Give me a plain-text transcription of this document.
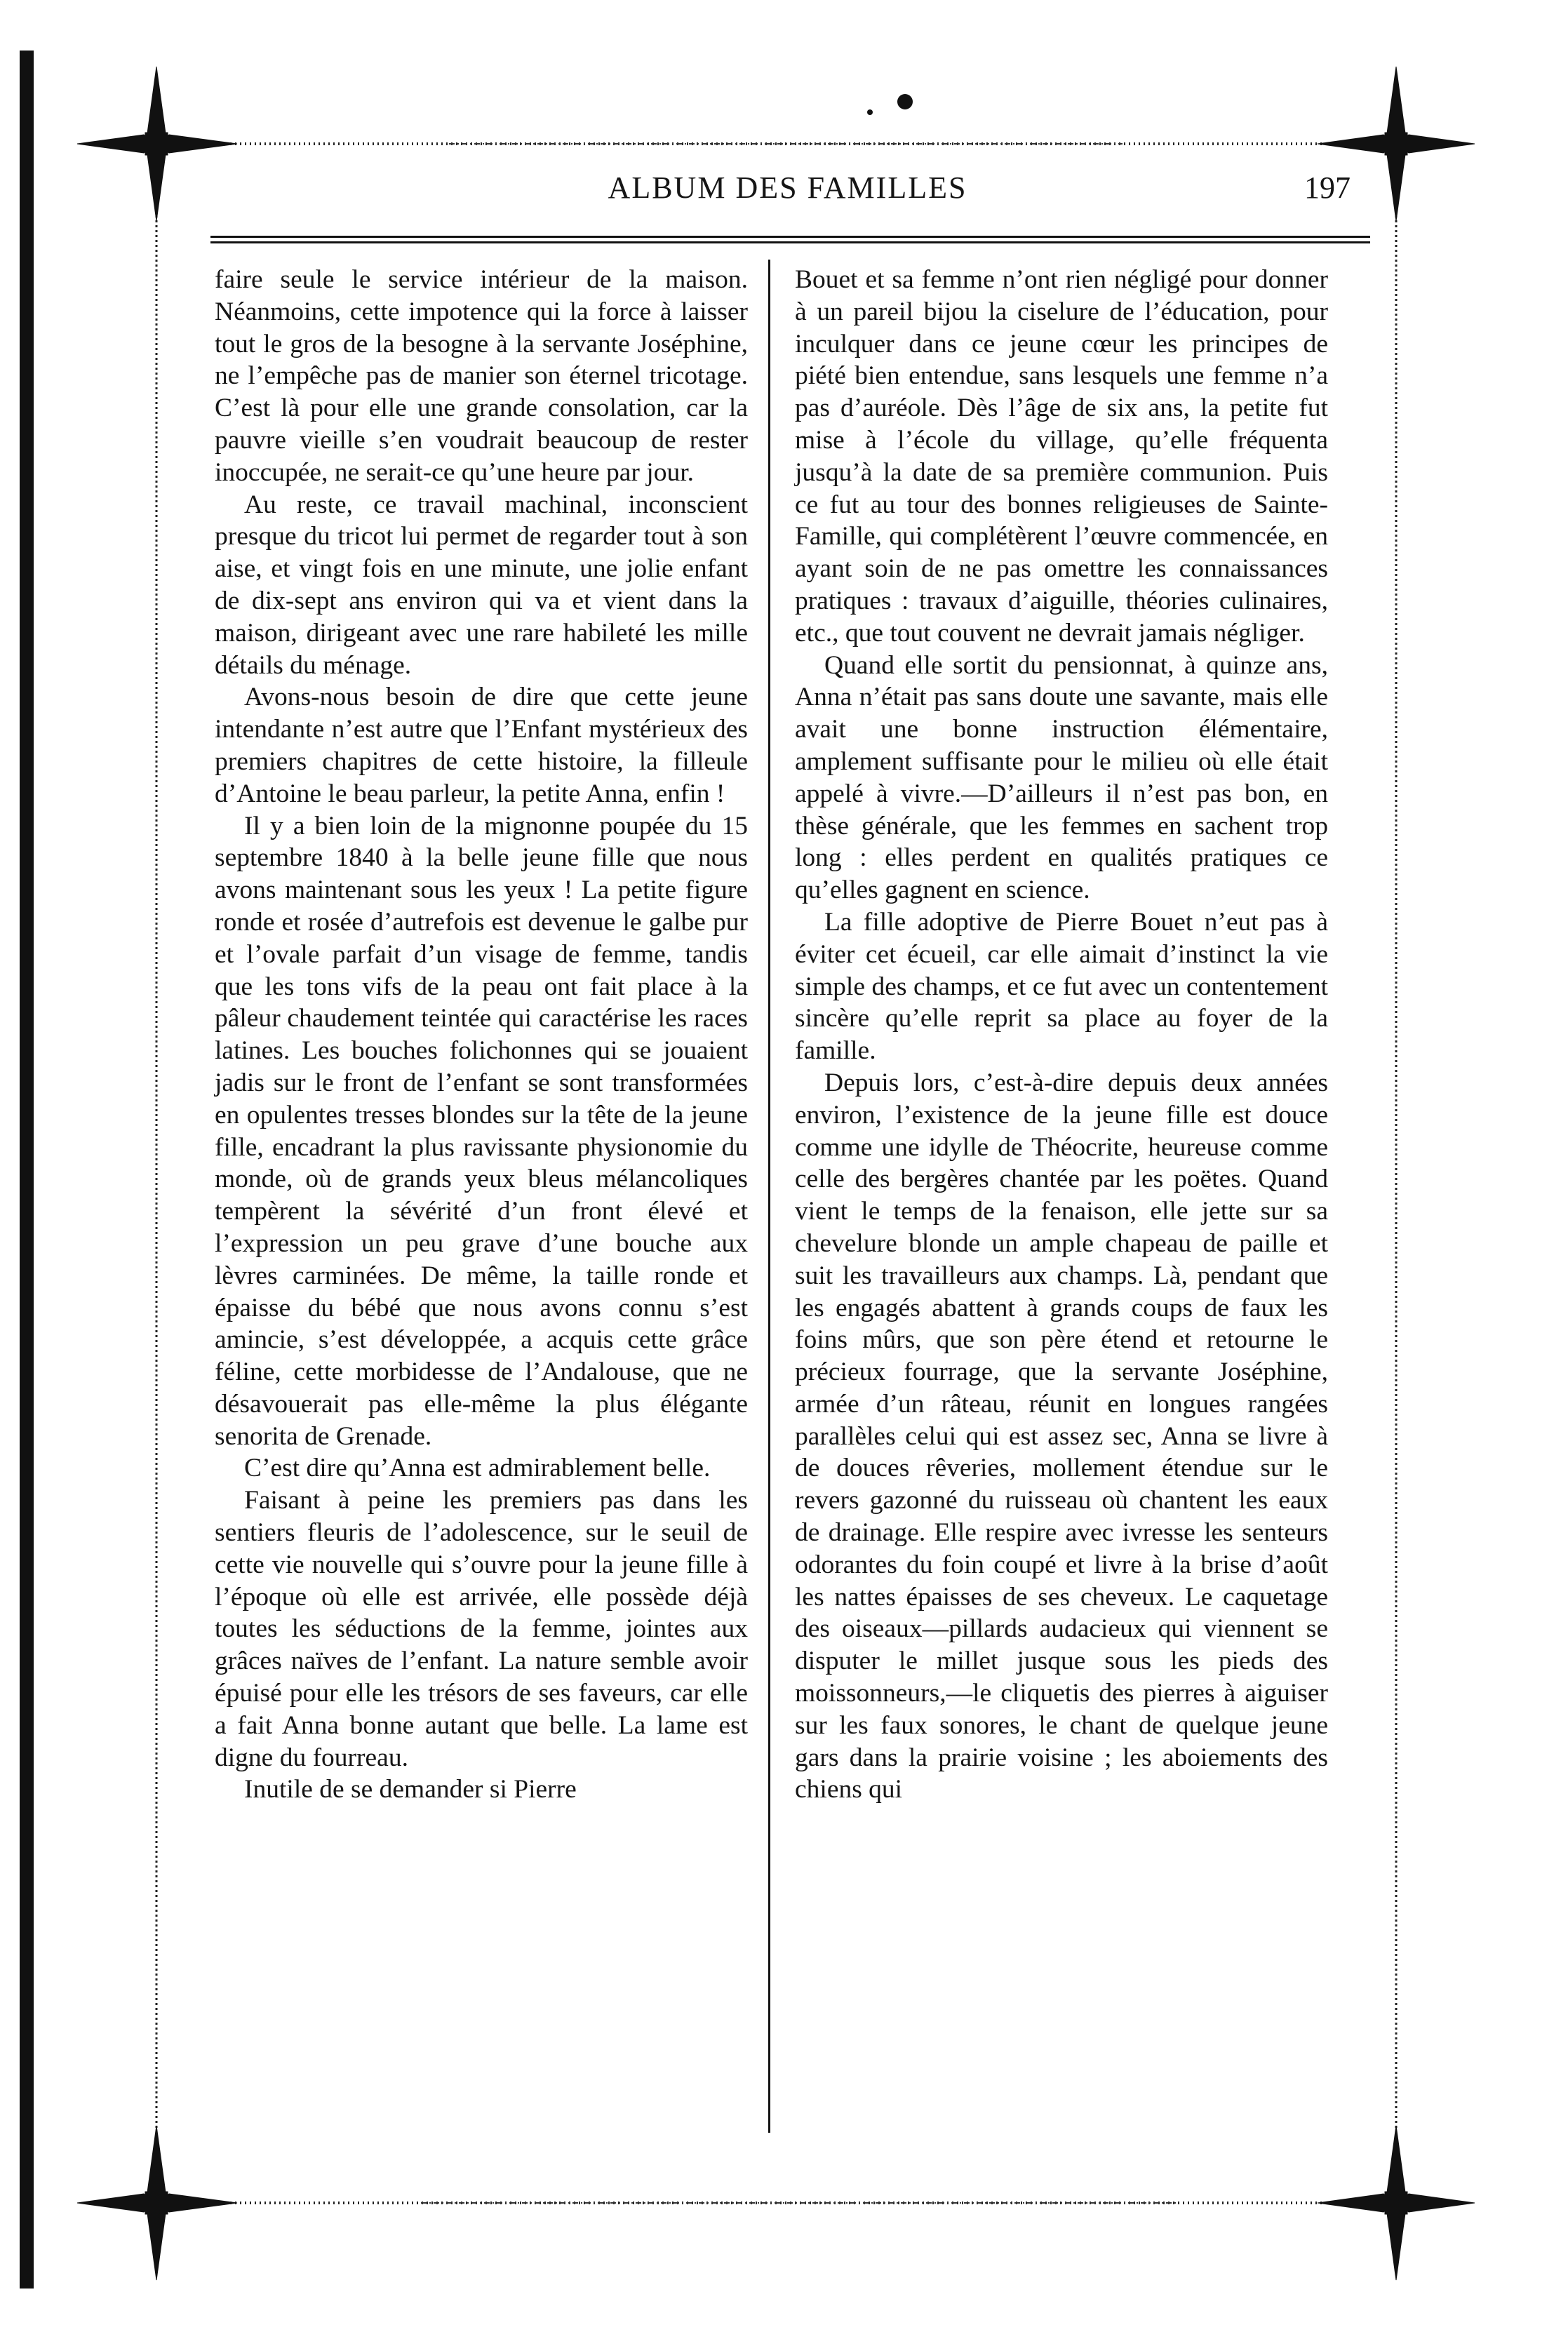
ALBUM DES FAMILLES	197

faire seule le service intérieur de la maison. Néanmoins, cette impotence qui la force à laisser tout le gros de la besogne à la servante Joséphine, ne l’empêche pas de manier son éternel tricotage. C’est là pour elle une grande consolation, car la pauvre vieille s’en voudrait beaucoup de rester inoccupée, ne serait-ce qu’une heure par jour.

Au reste, ce travail machinal, inconscient presque du tricot lui permet de regarder tout à son aise, et vingt fois en une minute, une jolie enfant de dix-sept ans environ qui va et vient dans la maison, dirigeant avec une rare habileté les mille détails du ménage.

Avons-nous besoin de dire que cette jeune intendante n’est autre que l’Enfant mystérieux des premiers chapitres de cette histoire, la filleule d’Antoine le beau parleur, la petite Anna, enfin !

Il y a bien loin de la mignonne poupée du 15 septembre 1840 à la belle jeune fille que nous avons maintenant sous les yeux ! La petite figure ronde et rosée d’autrefois est devenue le galbe pur et l’ovale parfait d’un visage de femme, tandis que les tons vifs de la peau ont fait place à la pâleur chaudement teintée qui caractérise les races latines. Les bouches folichonnes qui se jouaient jadis sur le front de l’enfant se sont transformées en opulentes tresses blondes sur la tête de la jeune fille, encadrant la plus ravissante physionomie du monde, où de grands yeux bleus mélancoliques tempèrent la sévérité d’un front élevé et l’expression un peu grave d’une bouche aux lèvres carminées. De même, la taille ronde et épaisse du bébé que nous avons connu s’est amincie, s’est développée, a acquis cette grâce féline, cette morbidesse de l’Andalouse, que ne désavouerait pas elle-même la plus élégante senorita de Grenade.

C’est dire qu’Anna est admirablement belle.

Faisant à peine les premiers pas dans les sentiers fleuris de l’adolescence, sur le seuil de cette vie nouvelle qui s’ouvre pour la jeune fille à l’époque où elle est arrivée, elle possède déjà toutes les séductions de la femme, jointes aux grâces naïves de l’enfant. La nature semble avoir épuisé pour elle les trésors de ses faveurs, car elle a fait Anna bonne autant que belle. La lame est digne du fourreau.

Inutile de se demander si Pierre

Bouet et sa femme n’ont rien négligé pour donner à un pareil bijou la ciselure de l’éducation, pour inculquer dans ce jeune cœur les principes de piété bien entendue, sans lesquels une femme n’a pas d’auréole. Dès l’âge de six ans, la petite fut mise à l’école du village, qu’elle fréquenta jusqu’à la date de sa première communion. Puis ce fut au tour des bonnes religieuses de Sainte-Famille, qui complétèrent l’œuvre commencée, en ayant soin de ne pas omettre les connaissances pratiques : travaux d’aiguille, théories culinaires, etc., que tout couvent ne devrait jamais négliger.

Quand elle sortit du pensionnat, à quinze ans, Anna n’était pas sans doute une savante, mais elle avait une bonne instruction élémentaire, amplement suffisante pour le milieu où elle était appelé à vivre.—D’ailleurs il n’est pas bon, en thèse générale, que les femmes en sachent trop long : elles perdent en qualités pratiques ce qu’elles gagnent en science.

La fille adoptive de Pierre Bouet n’eut pas à éviter cet écueil, car elle aimait d’instinct la vie simple des champs, et ce fut avec un contentement sincère qu’elle reprit sa place au foyer de la famille.

Depuis lors, c’est-à-dire depuis deux années environ, l’existence de la jeune fille est douce comme une idylle de Théocrite, heureuse comme celle des bergères chantée par les poëtes. Quand vient le temps de la fenaison, elle jette sur sa chevelure blonde un ample chapeau de paille et suit les travailleurs aux champs. Là, pendant que les engagés abattent à grands coups de faux les foins mûrs, que son père étend et retourne le précieux fourrage, que la servante Joséphine, armée d’un râteau, réunit en longues rangées parallèles celui qui est assez sec, Anna se livre à de douces rêveries, mollement étendue sur le revers gazonné du ruisseau où chantent les eaux de drainage. Elle respire avec ivresse les senteurs odorantes du foin coupé et livre à la brise d’août les nattes épaisses de ses cheveux. Le caquetage des oiseaux—pillards audacieux qui viennent se disputer le millet jusque sous les pieds des moissonneurs,—le cliquetis des pierres à aiguiser sur les faux sonores, le chant de quelque jeune gars dans la prairie voisine ; les aboiements des chiens qui
